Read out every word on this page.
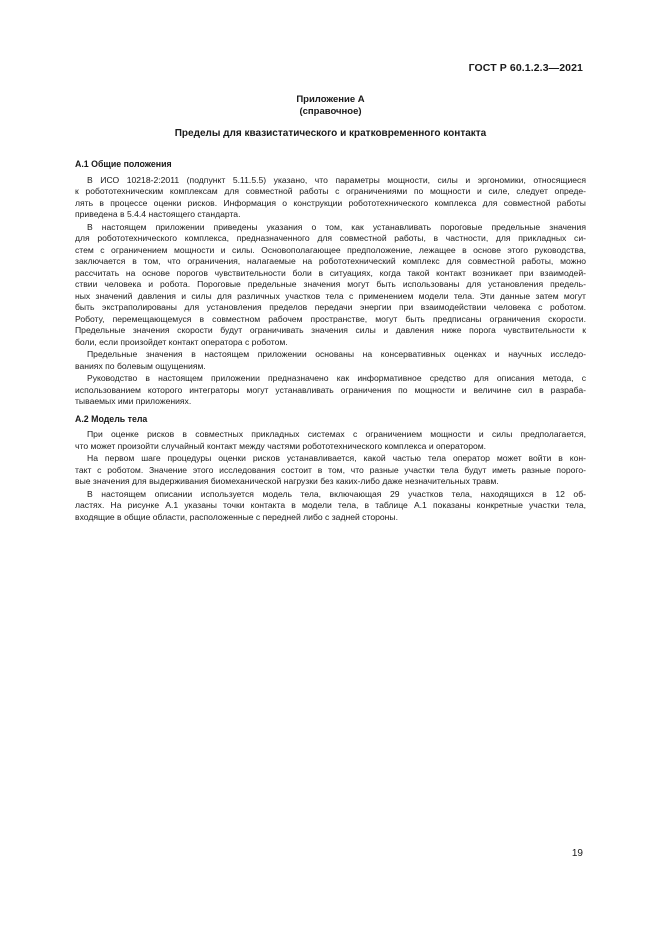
ГОСТ Р 60.1.2.3—2021
Приложение А
(справочное)
Пределы для квазистатического и кратковременного контакта
А.1 Общие положения

В ИСО 10218-2:2011 (подпункт 5.11.5.5) указано, что параметры мощности, силы и эргономики, относящиеся
к робототехническим комплексам для совместной работы с ограничениями по мощности и силе, следует опреде-
лять в процессе оценки рисков. Информация о конструкции робототехнического комплекса для совместной работы
приведена в 5.4.4 настоящего стандарта.

В настоящем приложении приведены указания о том, как устанавливать пороговые предельные значения
для робототехнического комплекса, предназначенного для совместной работы, в частности, для прикладных си-
стем с ограничением мощности и силы. Основополагающее предположение, лежащее в основе этого руководства,
заключается в том, что ограничения, налагаемые на робототехнический комплекс для совместной работы, можно
рассчитать на основе порогов чувствительности боли в ситуациях, когда такой контакт возникает при взаимодей-
ствии человека и робота. Пороговые предельные значения могут быть использованы для установления предель-
ных значений давления и силы для различных участков тела с применением модели тела. Эти данные затем могут
быть экстраполированы для установления пределов передачи энергии при взаимодействии человека с роботом.
Роботу, перемещающемуся в совместном рабочем пространстве, могут быть предписаны ограничения скорости.
Предельные значения скорости будут ограничивать значения силы и давления ниже порога чувствительности к
боли, если произойдет контакт оператора с роботом.

Предельные значения в настоящем приложении основаны на консервативных оценках и научных исследо-
ваниях по болевым ощущениям.

Руководство в настоящем приложении предназначено как информативное средство для описания метода, с
использованием которого интеграторы могут устанавливать ограничения по мощности и величине сил в разраба-
тываемых ими приложениях.

А.2 Модель тела

При оценке рисков в совместных прикладных системах с ограничением мощности и силы предполагается,
что может произойти случайный контакт между частями робототехнического комплекса и оператором.

На первом шаге процедуры оценки рисков устанавливается, какой частью тела оператор может войти в кон-
такт с роботом. Значение этого исследования состоит в том, что разные участки тела будут иметь разные порого-
вые значения для выдерживания биомеханической нагрузки без каких-либо даже незначительных травм.

В настоящем описании используется модель тела, включающая 29 участков тела, находящихся в 12 об-
ластях. На рисунке А.1 указаны точки контакта в модели тела, в таблице А.1 показаны конкретные участки тела,
входящие в общие области, расположенные с передней либо с задней стороны.

19
